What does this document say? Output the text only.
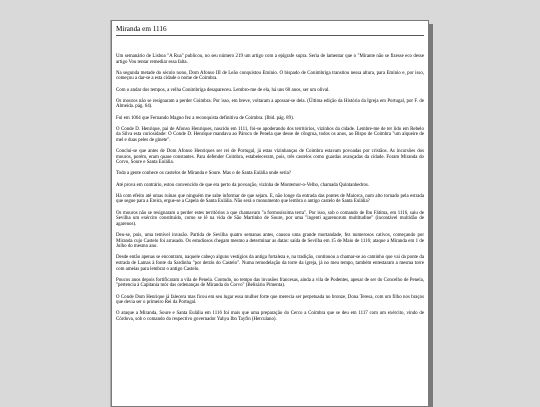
Miranda em 1116

Um semanário de Lisboa "A Rua" publicou, no seu número 219 um artigo com a epígrafe supra. Seria de lamentar que o "Mirante não se fizesse eco desse artigo Vou tentar remediar essa falta.

Na segunda metade do século nono, Dom Afonso III de Leão conquistou Emínio. O bispado de Conimbriga transitou nessa altura, para Emínio e, por isso, começou a dar-se a esta cidade o nome de Coimbra.

Com o andar dos tempos, a velha Conimbriga desapareceu. Lembro-me de ela, há uns 60 anos, ser um olival.

Os mouros não se resignaram a perder Coimbra. Por isso, em breve, voltaram a apossar-se dela. (Última edição da História da Igreja em Portugal, por F. de Almeida. pág. 64).

Foi em 1064 que Fernando Magno fez a reconquista definitiva de Coimbra. (Ibid. pág. 89).

O Conde D. Henrique, pai de Afonso Henriques, nascido em 1111, foi-se apoderando dos territórios, vizinhos da cidade. Lembre-me de ter lido em Rebelo da Silva esta curiosidade: O Conde D. Henrique mandava ao Pároco de Penela que desse de côngrua, todos os anos, ao Bispo de Coimbra "um alqueire de mel e duas peles de ginete".

Conclui-se que antes de Dom Afonso Henriques ser rei de Portugal, já estas vizinhanças de Coimbra estavam povoadas por cristãos. As incursões dos mouros, porém, eram quase constantes. Para defender Coimbra, estabeleceram, pois, três castelos como guardas avançadas da cidade. Foram Miranda do Corvo, Soure e Santa Eulália.

Toda a gente conhece os castelos de Miranda e Soure. Mas o de Santa Eulália onde seria?

Até prova em contrário, estou convencido de que era perto da povoação, vizinha de Montemor-o-Velho, chamada Quintanhedros.

Há com efeito até umas ruínas que ninguém me sabe informar de que sejam. E, não longe da entrada das pontes de Maiorca, num alto tornado pela estrada que segue para a Ereira, ergue-se a Capela de Santa Eulália. Não será o monumento que lembra o antigo castelo de Santa Eulália?

Os mouros não se resignaram a perder estes territórios a que chamavam "a formosíssima terra". Por isso, sob o comando de Ibn Fátima, em 1116, saiu de Sevilha um exército constituído, como se lê na vida de São Martinho de Soure, por uma "ingenti agarenorum multitudine" (incontável multidão de agarenos).

Deu-se, pois, uma temível invasão. Partida de Sevilha quatro semanas antes, causou uma grande mortandade, fez numerosos cativos, começando por Miranda cujo Castelo foi arrasado. Os estudiosos chegam mesmo a determinar as datas: saída de Sevilha em 15 de Maio de 1116; ataque a Miranda em 1 de Julho do mesmo ano.

Desde então apenas se encontram, naquele cabeço alguns vestígios da antiga fortaleza e, na tradição, continuou a chamar-se ao caminho que vai da ponte da estrada de Lamas à fonte da Sardinha "por detrás do Castelo". Numa remodelação da torre da igreja, já no meu tempo, também entestaram a mesma torre com ameias para lembrar o antigo Castelo.

Poucos anos depois fortificaram a vila de Penela. Contudo, no tempo das invasões francesas, ainda a vila de Podentes, apesar de ser do Concelho de Penela, "pertencia à Capitania mór das ordenanças de Miranda do Corvo" (Belisário Pimenta).

O Conde Dom Henrique já falecera mas ficou em seu lugar essa mulher forte que merecia ser perpetuada no bronze, Dona Teresa, com um filho nos braços que devia ser o primeiro Rei da Portugal.

O ataque a Miranda, Soure e Santa Eulália em 1116 foi mais que uma preparação do Cerco a Coimbra que se deu em 1117 com um exército, vindo de Córdova, sob o comando do respectivo governador Yahya Ibn Tayfin (Herculano).
